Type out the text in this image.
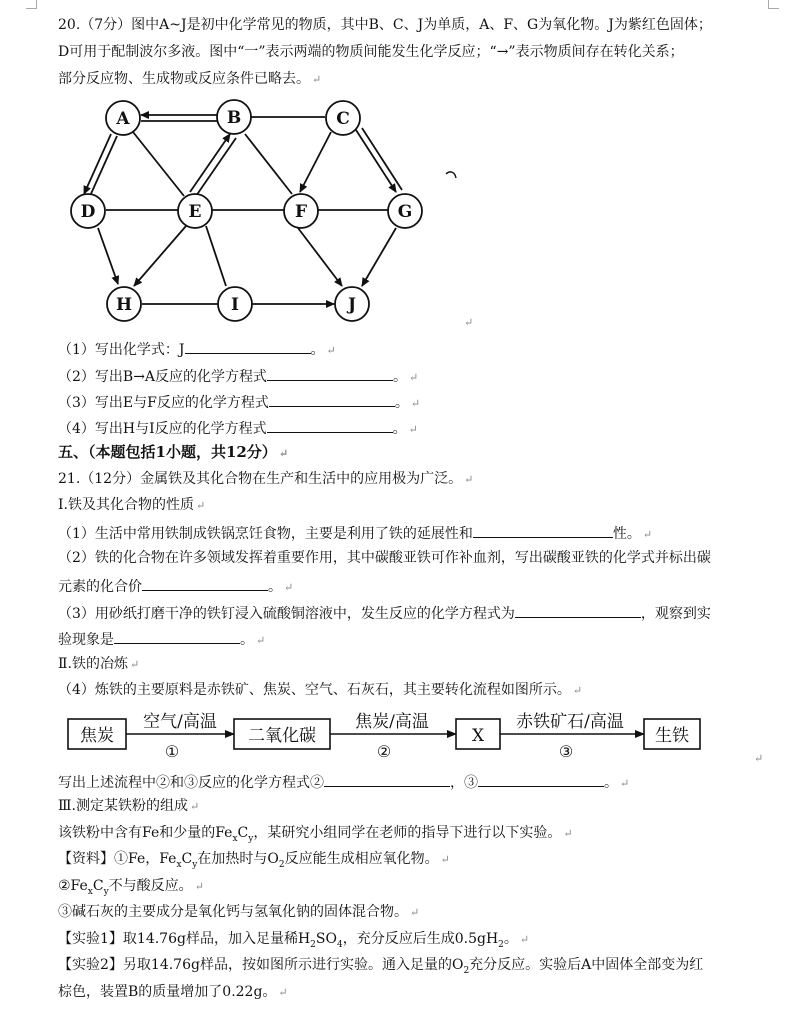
20.（7分）图中A~J是初中化学常见的物质，其中B、C、J为单质，A、F、G为氧化物。J为紫红色固体；
D可用于配制波尔多液。图中“一”表示两端的物质间能发生化学反应；“→”表示物质间存在转化关系；
部分反应物、生成物或反应条件已略去。 ↵
A	B	C
D	E	F	G
H	I	J
↵
（1）写出化学式：J	。 ↵
（2）写出B→A反应的化学方程式	。 ↵
（3）写出E与F反应的化学方程式	。 ↵
（4）写出H与I反应的化学方程式	。 ↵
五、（本题包括1小题，共12分） ↵
21.（12分）金属铁及其化合物在生产和生活中的应用极为广泛。 ↵
I.铁及其化合物的性质 ↵
（1）生活中常用铁制成铁锅烹饪食物，主要是利用了铁的延展性和	性。 ↵
（2）铁的化合物在许多领域发挥着重要作用，其中碳酸亚铁可作补血剂，写出碳酸亚铁的化学式并标出碳
元素的化合价	。 ↵
（3）用砂纸打磨干净的铁钉浸入硫酸铜溶液中，发生反应的化学方程式为	，观察到实
验现象是	。 ↵
Ⅱ.铁的冶炼 ↵
（4）炼铁的主要原料是赤铁矿、焦炭、空气、石灰石，其主要转化流程如图所示。 ↵
焦炭	二氧化碳	X	生铁
空气/高温
①
焦炭/高温
②
赤铁矿石/高温
③	↵
写出上述流程中②和③反应的化学方程式②	，③	。 ↵
Ⅲ.测定某铁粉的组成 ↵
该铁粉中含有Fe和少量的$Fe_xC_y$，某研究小组同学在老师的指导下进行以下实验。 ↵
【资料】①Fe，$Fe_xC_y$在加热时与$O_2$反应能生成相应氧化物。 ↵
$②Fe_xC_y$不与酸反应。 ↵
③碱石灰的主要成分是氧化钙与氢氧化钠的固体混合物。 ↵
【实验1】取14.76g样品，加入足量稀$H_2SO_4$，充分反应后生成$0.5gH_2$。 ↵
【实验2】另取14.76g样品，按如图所示进行实验。通入足量的$O_2$充分反应。实验后A中固体全部变为红
棕色，装置B的质量增加了0.22g。 ↵
